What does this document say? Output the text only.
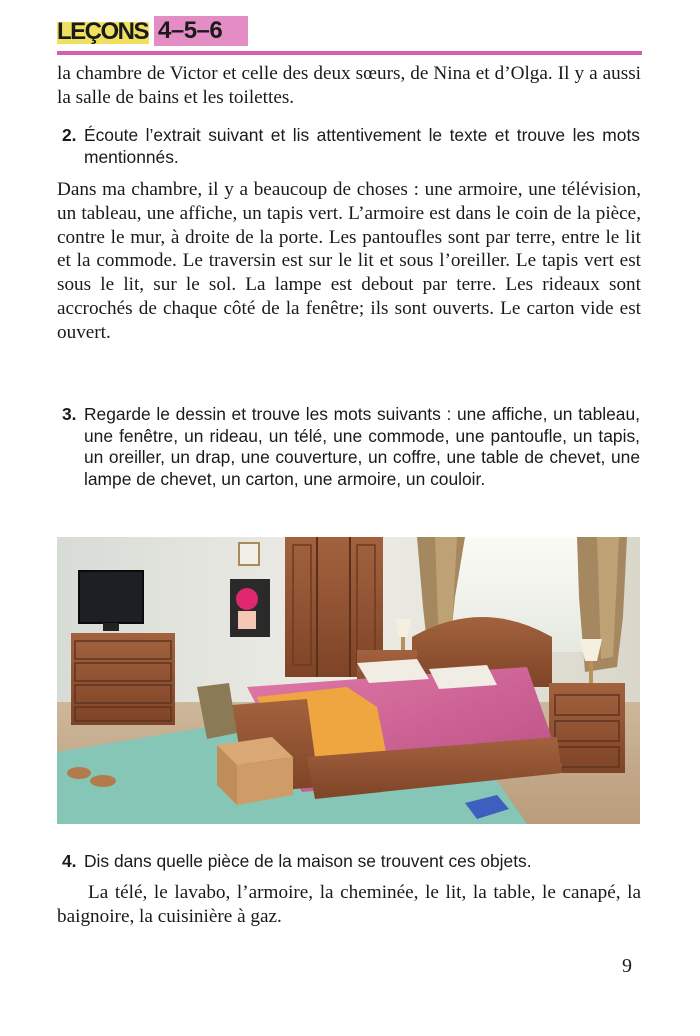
LEÇONS 4–5–6

la chambre de Victor et celle des deux sœurs, de Nina et d’Olga. Il y a aussi la salle de bains et les toilettes.

2. Écoute l’extrait suivant et lis attentivement le texte et trouve les mots mentionnés.

Dans ma chambre, il y a beaucoup de choses : une armoire, une télévision, un tableau, une affiche, un tapis vert. L’armoire est dans le coin de la pièce, contre le mur, à droite de la porte. Les pantoufles sont par terre, entre le lit et la commode. Le traversin est sur le lit et sous l’oreiller. Le tapis vert est sous le lit, sur le sol. La lampe est debout par terre. Les rideaux sont accrochés de chaque côté de la fenêtre; ils sont ouverts. Le carton vide est ouvert.

3. Regarde le dessin et trouve les mots suivants : une affiche, un tableau, une fenêtre, un rideau, un télé, une commode, une pantoufle, un tapis, un oreiller, un drap, une couverture, un coffre, une table de chevet, une lampe de chevet, un carton, une armoire, un couloir.
4. Dis dans quelle pièce de la maison se trouvent ces objets.

La télé, le lavabo, l’armoire, la cheminée, le lit, la table, le canapé, la baignoire, la cuisinière à gaz.

9
